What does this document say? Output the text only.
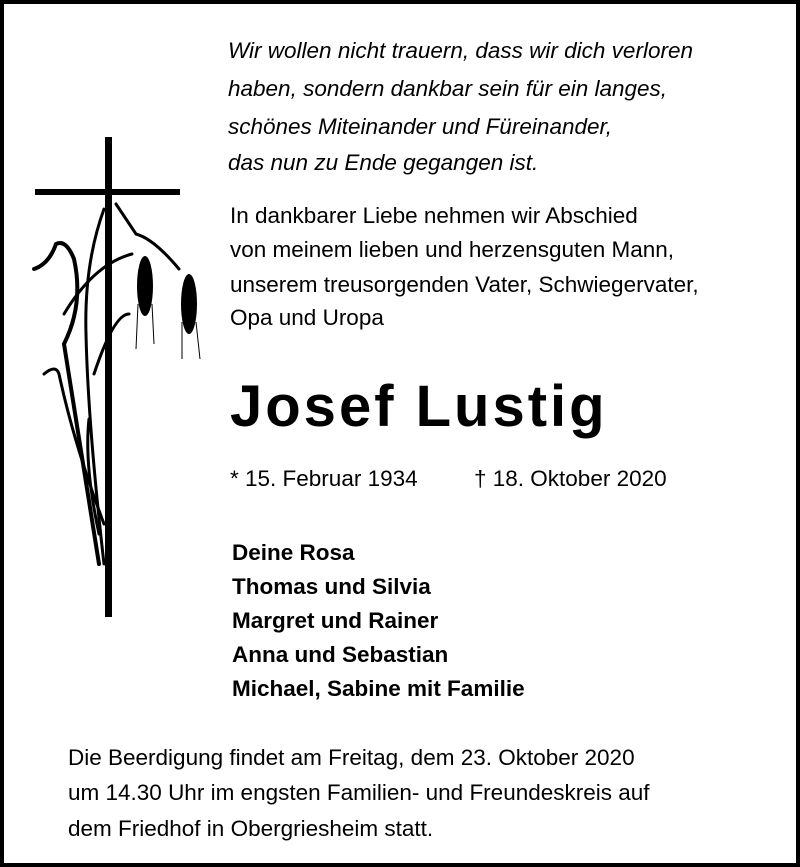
Wir wollen nicht trauern, dass wir dich verloren
haben, sondern dankbar sein für ein langes,
schönes Miteinander und Füreinander,
das nun zu Ende gegangen ist.
In dankbarer Liebe nehmen wir Abschied
von meinem lieben und herzensguten Mann,
unserem treusorgenden Vater, Schwiegervater,
Opa und Uropa
Josef Lustig
* 15. Februar 1934	† 18. Oktober 2020
Deine Rosa
Thomas und Silvia
Margret und Rainer
Anna und Sebastian
Michael, Sabine mit Familie
Die Beerdigung findet am Freitag, dem 23. Oktober 2020
um 14.30 Uhr im engsten Familien- und Freundeskreis auf
dem Friedhof in Obergriesheim statt.
